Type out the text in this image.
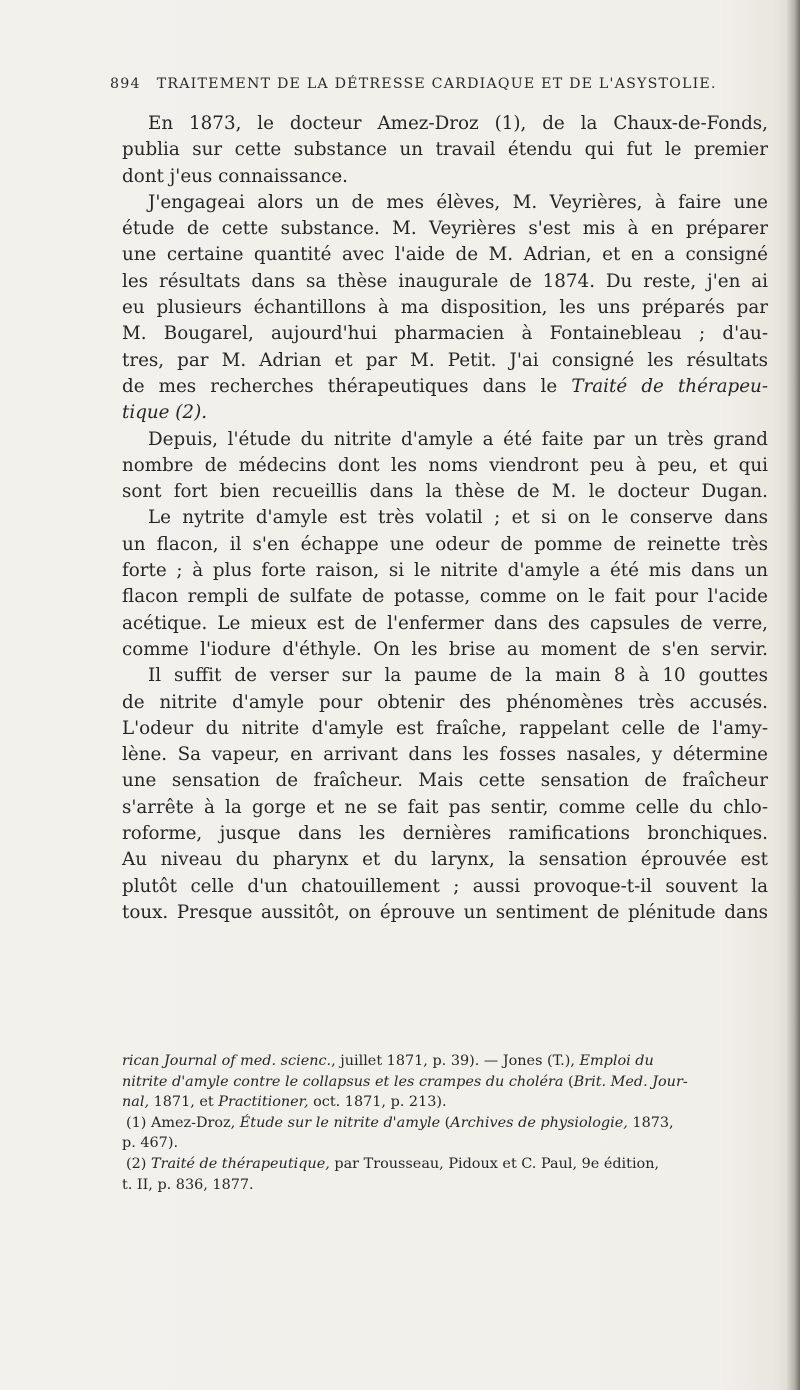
894 TRAITEMENT DE LA DÉTRESSE CARDIAQUE ET DE L'ASYSTOLIE.
En 1873, le docteur Amez-Droz (1), de la Chaux-de-Fonds,
publia sur cette substance un travail étendu qui fut le premier
dont j'eus connaissance.
J'engageai alors un de mes élèves, M. Veyrières, à faire une
étude de cette substance. M. Veyrières s'est mis à en préparer
une certaine quantité avec l'aide de M. Adrian, et en a consigné
les résultats dans sa thèse inaugurale de 1874. Du reste, j'en ai
eu plusieurs échantillons à ma disposition, les uns préparés par
M. Bougarel, aujourd'hui pharmacien à Fontainebleau ; d'au-
tres, par M. Adrian et par M. Petit. J'ai consigné les résultats
de mes recherches thérapeutiques dans le Traité de thérapeu-
tique (2).
Depuis, l'étude du nitrite d'amyle a été faite par un très grand
nombre de médecins dont les noms viendront peu à peu, et qui
sont fort bien recueillis dans la thèse de M. le docteur Dugan.
Le nytrite d'amyle est très volatil ; et si on le conserve dans
un flacon, il s'en échappe une odeur de pomme de reinette très
forte ; à plus forte raison, si le nitrite d'amyle a été mis dans un
flacon rempli de sulfate de potasse, comme on le fait pour l'acide
acétique. Le mieux est de l'enfermer dans des capsules de verre,
comme l'iodure d'éthyle. On les brise au moment de s'en servir.
Il suffit de verser sur la paume de la main 8 à 10 gouttes
de nitrite d'amyle pour obtenir des phénomènes très accusés.
L'odeur du nitrite d'amyle est fraîche, rappelant celle de l'amy-
lène. Sa vapeur, en arrivant dans les fosses nasales, y détermine
une sensation de fraîcheur. Mais cette sensation de fraîcheur
s'arrête à la gorge et ne se fait pas sentir, comme celle du chlo-
roforme, jusque dans les dernières ramifications bronchiques.
Au niveau du pharynx et du larynx, la sensation éprouvée est
plutôt celle d'un chatouillement ; aussi provoque-t-il souvent la
toux. Presque aussitôt, on éprouve un sentiment de plénitude dans
rican Journal of med. scienc., juillet 1871, p. 39). — Jones (T.), Emploi du
nitrite d'amyle contre le collapsus et les crampes du choléra (Brit. Med. Jour-
nal, 1871, et Practitioner, oct. 1871, p. 213).
(1) Amez-Droz, Étude sur le nitrite d'amyle (Archives de physiologie, 1873,
p. 467).
(2) Traité de thérapeutique, par Trousseau, Pidoux et C. Paul, 9e édition,
t. II, p. 836, 1877.
